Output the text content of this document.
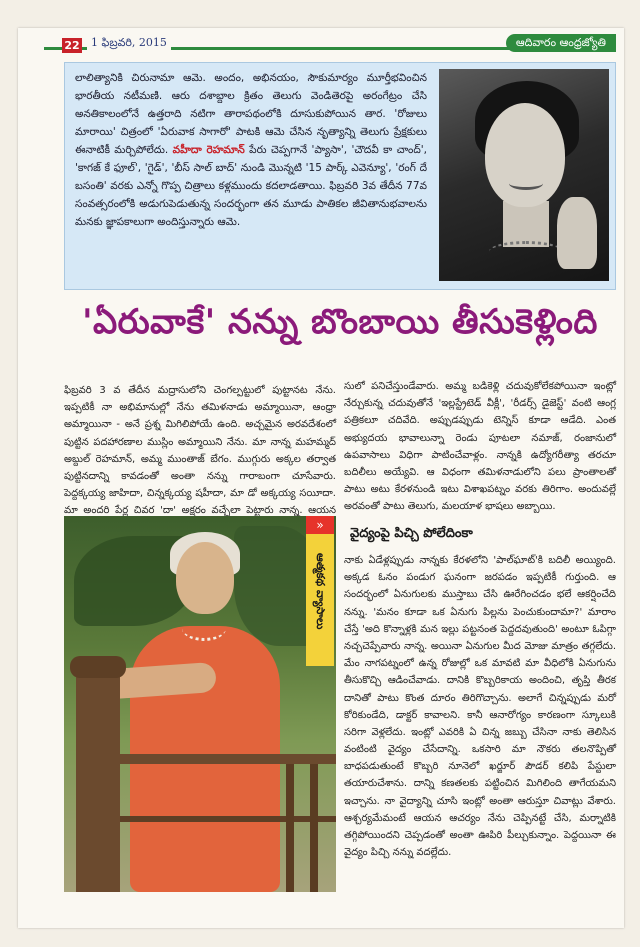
22	1 ఫిబ్రవరి, 2015	ఆదివారం ఆంధ్రజ్యోతి
లాలిత్యానికి చిరునామా ఆమె. అందం, అభినయం, సౌకుమార్యం మూర్తీభవించిన భారతీయ నటీమణి. ఆరు దశాబ్దాల క్రితం తెలుగు వెండితెరపై అరంగేట్రం చేసి అనతికాలంలోనే ఉత్తరాది నటిగా తారాపథంలోకి దూసుకుపోయిన తార. 'రోజులు మారాయి' చిత్రంలో 'ఏరువాక సాగారో' పాటకి ఆమె చేసిన నృత్యాన్ని తెలుగు ప్రేక్షకులు ఈనాటికీ మర్చిపోలేదు. వహీదా రెహమాన్ పేరు చెప్పగానే 'ప్యాసా', 'చౌదవీ కా చాంద్', 'కాగజ్ కే ఫూల్', 'గైడ్', 'బీస్ సాల్ బాద్' నుండి మొన్నటి '15 పార్క్ ఎవెన్యూ', 'రంగ్ దే బసంతి' వరకు ఎన్నో గొప్ప చిత్రాలు కళ్లముందు కదలాడతాయి. ఫిబ్రవరి 3వ తేదీన 77వ సంవత్సరంలోకి అడుగుపెడుతున్న సందర్భంగా తన మూడు పాతికల జీవితానుభవాలను మనకు జ్ఞాపకాలుగా అందిస్తున్నారు ఆమె.
'ఏరువాకే' నన్ను బొంబాయి తీసుకెళ్లింది
ఫిబ్రవరి 3 వ తేదీన మద్రాసులోని చెంగల్పట్టులో పుట్టానట నేను. ఇప్పటికీ నా అభిమానుల్లో నేను తమిళనాడు అమ్మాయినా, ఆంధ్రా అమ్మాయినా - అనే ప్రశ్న మిగిలిపోయే ఉంది. అచ్చమైన అరవదేశంలో పుట్టిన పదహారణాల ముస్లిం అమ్మాయిని నేను. మా నాన్న మహమ్మద్ అబ్దుల్ రెహమాన్, అమ్మ ముంతాజ్ బేగం. ముగ్గురు అక్కల తర్వాత పుట్టినదాన్ని కావడంతో అంతా నన్ను గారాబంగా చూసేవారు. పెద్దక్కయ్య జాహిదా, చిన్నక్కయ్య షహీదా, మా డో అక్కయ్య సయీదా. మా అందరి పేర్ల చివర 'దా' అక్షరం వచ్చేలా పెట్టారు నాన్న. ఆయన
సులో పనిచేస్తుండేవారు. అమ్మ బడికెళ్లి చదువుకోలేకపోయినా ఇంట్లో నేర్చుకున్న చదువుతోనే 'ఇల్లస్ట్రేటెడ్ వీక్లీ', 'రీడర్స్ డైజెస్ట్' వంటి ఆంగ్ల పత్రికలూ చదివేది. అప్పుడప్పుడు టెన్నిస్ కూడా ఆడేది. ఎంత అభ్యుదయ భావాలున్నా రెండు పూటలా నమాజ్, రంజానులో ఉపవాసాలు విధిగా పాటించేవాళ్లం. నాన్నకి ఉద్యోగరీత్యా తరచూ బదిలీలు అయ్యేవి. ఆ విధంగా తమిళనాడులోని పలు ప్రాంతాలతో పాటు అటు కేరళనుండి ఇటు విశాఖపట్నం వరకు తిరిగాం. అందువల్లే అరవంతో పాటు తెలుగు, మలయాళ భాషలు అబ్బాయి.
వైద్యంపై పిచ్చి పోలేదింకా
నాకు ఏడేళ్లప్పుడు నాన్నకు కేరళలోని 'పాల్‌ఘాట్'కి బదిలీ అయ్యింది. అక్కడ ఓనం పండుగ ఘనంగా జరపడం ఇప్పటికీ గుర్తుంది. ఆ సందర్భంలో ఏనుగులకు ముస్తాబు చేసి ఊరేగించడం భలే ఆకర్షించేది నన్ను. 'మనం కూడా ఒక ఏనుగు పిల్లను పెంచుకుందామా?' మారాం చేస్తే 'అది కొన్నాళ్లకి మన ఇల్లు పట్టనంత పెద్దదవుతుంది' అంటూ ఓపిగ్గా నచ్చచెప్పేవారు నాన్న. అయినా ఏనుగుల మీద మోజు మాత్రం తగ్గలేదు. మేం నాగపట్నంలో ఉన్న రోజుల్లో ఒక మావటి మా వీధిలోకి ఏనుగును తీసుకొచ్చి ఆడించేవాడు. దానికి కొబ్బరికాయ అందించి, తృప్తి తీరక దానితో పాటు కొంత దూరం తిరిగొచ్చాను. అలాగే చిన్నప్పుడు మరో కోరికుండేది, డాక్టర్ కావాలని. కానీ ఆనారోగ్యం కారణంగా స్కూలుకి సరిగా వెళ్లలేదు. ఇంట్లో ఎవరికి ఏ చిన్న జబ్బు చేసినా నాకు తెలిసిన వంటింటి వైద్యం చేసేదాన్ని. ఒకసారి మా నౌకరు తలనొప్పితో బాధపడుతుంటే కొబ్బరి నూనెలో ఖర్జూర్ పౌడర్ కలిపి పేస్టులా తయారుచేశాను. దాన్ని కణతలకు పట్టించిన మిగిలింది తాగేయమని ఇచ్చాను. నా వైద్యాన్ని చూసి ఇంట్లో అంతా ఆరుస్తూ చివాట్లు వేశారు. ఆశ్చర్యమేమంటే ఆయన ఆచర్యం నేను చెప్పినట్టే చేసి, మర్నాటికి తగ్గిపోయిందని చెప్పడంతో అంతా ఊపిరి పీల్చుకున్నాం. పెద్దయినా ఈ వైద్యం పిచ్చి నన్ను వదల్లేదు.
»
ఆత్మకథ వ్యాసాలు
